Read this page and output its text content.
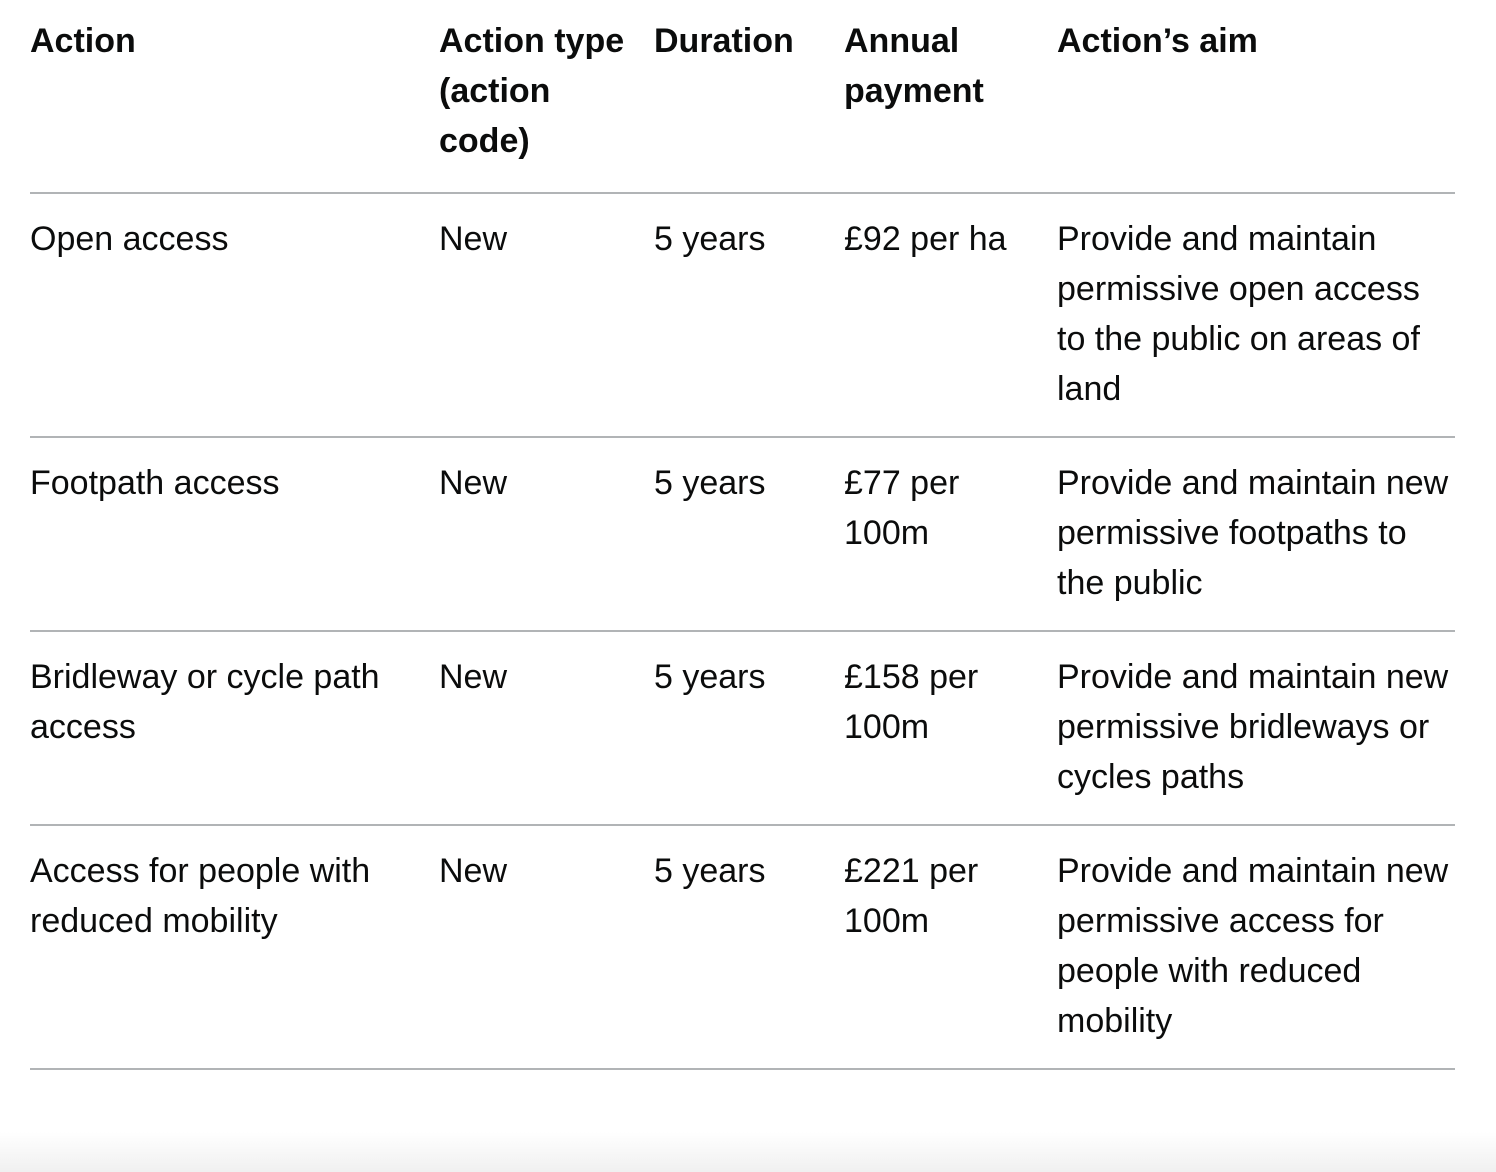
Action	Action type (action code)	Duration	Annual payment	Action’s aim
Open access	New	5 years	£92 per ha	Provide and maintain permissive open access to the public on areas of land
Footpath access	New	5 years	£77 per 100m	Provide and maintain new permissive footpaths to the public
Bridleway or cycle path access	New	5 years	£158 per 100m	Provide and maintain new permissive bridleways or cycles paths
Access for people with reduced mobility	New	5 years	£221 per 100m	Provide and maintain new permissive access for people with reduced mobility
